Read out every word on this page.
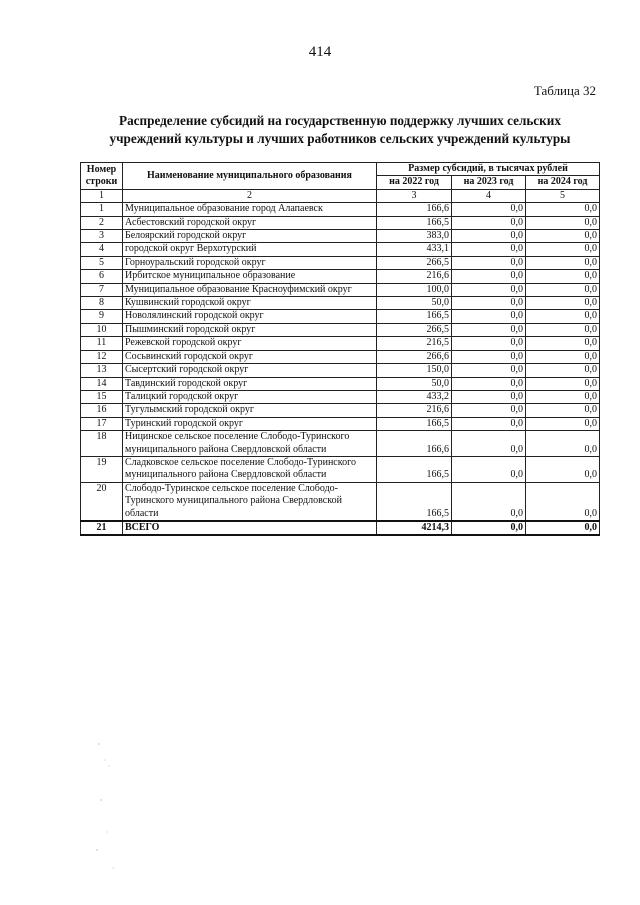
414
Таблица 32
Распределение субсидий на государственную поддержку лучших сельских
учреждений культуры и лучших работников сельских учреждений культуры
Номер строки	Наименование муниципального образования	Размер субсидий, в тысячах рублей		
		на 2022 год	на 2023 год	на 2024 год
1	2	3	4	5
1	Муниципальное образование город Алапаевск	166,6	0,0	0,0
2	Асбестовский городской округ	166,5	0,0	0,0
3	Белоярский городской округ	383,0	0,0	0,0
4	городской округ Верхотурский	433,1	0,0	0,0
5	Горноуральский городской округ	266,5	0,0	0,0
6	Ирбитское муниципальное образование	216,6	0,0	0,0
7	Муниципальное образование Красноуфимский округ	100,0	0,0	0,0
8	Кушвинский городской округ	50,0	0,0	0,0
9	Новолялинский городской округ	166,5	0,0	0,0
10	Пышминский городской округ	266,5	0,0	0,0
11	Режевской городской округ	216,5	0,0	0,0
12	Сосьвинский городской округ	266,6	0,0	0,0
13	Сысертский городской округ	150,0	0,0	0,0
14	Тавдинский городской округ	50,0	0,0	0,0
15	Талицкий городской округ	433,2	0,0	0,0
16	Тугулымский городской округ	216,6	0,0	0,0
17	Туринский городской округ	166,5	0,0	0,0
18	Ницинское сельское поселение Слободо-Туринского муниципального района Свердловской области	166,6	0,0	0,0
19	Сладковское сельское поселение Слободо-Туринского муниципального района Свердловской области	166,5	0,0	0,0
20	Слободо-Туринское сельское поселение Слободо-Туринского муниципального района Свердловской области	166,5	0,0	0,0
21	ВСЕГО	4214,3	0,0	0,0
